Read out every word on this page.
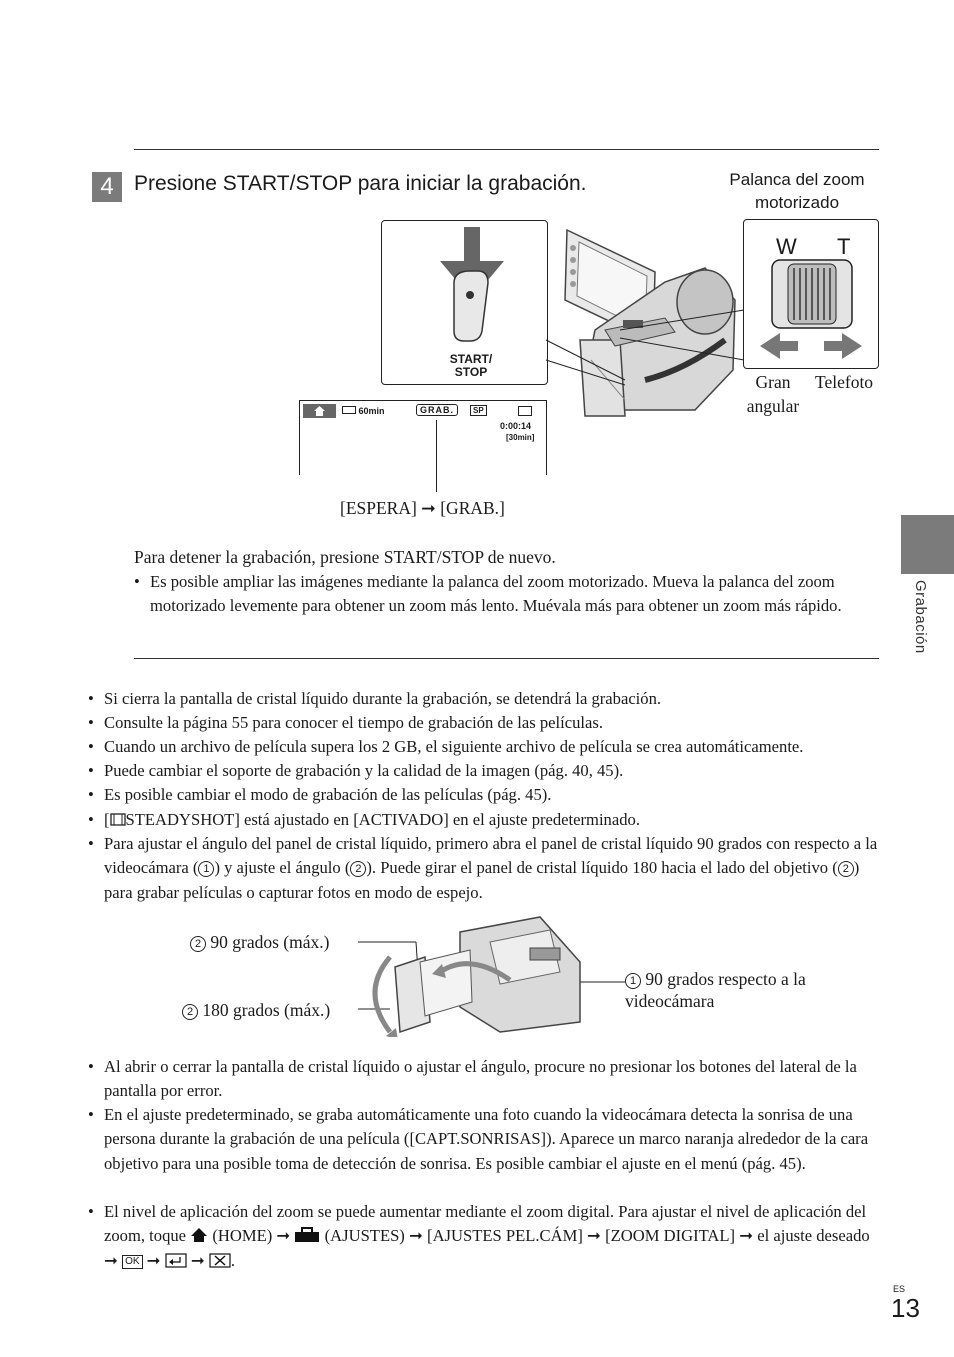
4 Presione START/STOP para iniciar la grabación.	Palanca del zoom
motorizado
START/
STOP
W T
Gran
angular
Telefoto
60min	GRAB.	SP
0:00:14
[30min]
[ESPERA] ➞ [GRAB.]
Para detener la grabación, presione START/STOP de nuevo.
• Es posible ampliar las imágenes mediante la palanca del zoom motorizado. Mueva la palanca del zoom motorizado levemente para obtener un zoom más lento. Muévala más para obtener un zoom más rápido.
• Si cierra la pantalla de cristal líquido durante la grabación, se detendrá la grabación.
• Consulte la página 55 para conocer el tiempo de grabación de las películas.
• Cuando un archivo de película supera los 2 GB, el siguiente archivo de película se crea automáticamente.
• Puede cambiar el soporte de grabación y la calidad de la imagen (pág. 40, 45).
• Es posible cambiar el modo de grabación de las películas (pág. 45).
• [ STEADYSHOT] está ajustado en [ACTIVADO] en el ajuste predeterminado.
• Para ajustar el ángulo del panel de cristal líquido, primero abra el panel de cristal líquido 90 grados con respecto a la videocámara ( 1 ) y ajuste el ángulo ( 2 ). Puede girar el panel de cristal líquido 180 hacia el lado del objetivo ( 2 ) para grabar películas o capturar fotos en modo de espejo.
2 90 grados (máx.)
2 180 grados (máx.)
1 90 grados respecto a la
videocámara
• Al abrir o cerrar la pantalla de cristal líquido o ajustar el ángulo, procure no presionar los botones del lateral de la pantalla por error.
• En el ajuste predeterminado, se graba automáticamente una foto cuando la videocámara detecta la sonrisa de una persona durante la grabación de una película ([CAPT.SONRISAS]). Aparece un marco naranja alrededor de la cara objetivo para una posible toma de detección de sonrisa. Es posible cambiar el ajuste en el menú (pág. 45).
• El nivel de aplicación del zoom se puede aumentar mediante el zoom digital. Para ajustar el nivel de aplicación del zoom, toque (HOME) ➞  (AJUSTES) ➞ [AJUSTES PEL.CÁM] ➞ [ZOOM DIGITAL] ➞ el ajuste deseado ➞ OK ➞  ➞ .
Grabación
ES
13
